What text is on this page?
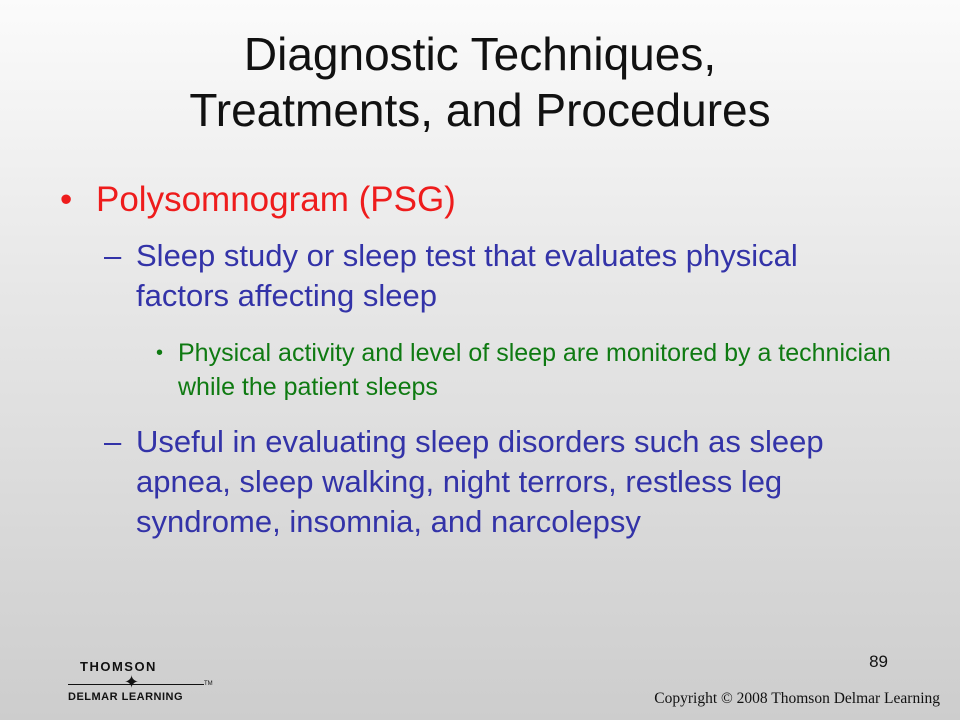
Diagnostic Techniques,
Treatments, and Procedures
• Polysomnogram (PSG)
– Sleep study or sleep test that evaluates physical factors affecting sleep
• Physical activity and level of sleep are monitored by a technician while the patient sleeps
– Useful in evaluating sleep disorders such as sleep apnea, sleep walking, night terrors, restless leg syndrome, insomnia, and narcolepsy
89
THOMSON
✦
DELMAR LEARNING
TM
Copyright © 2008 Thomson Delmar Learning
